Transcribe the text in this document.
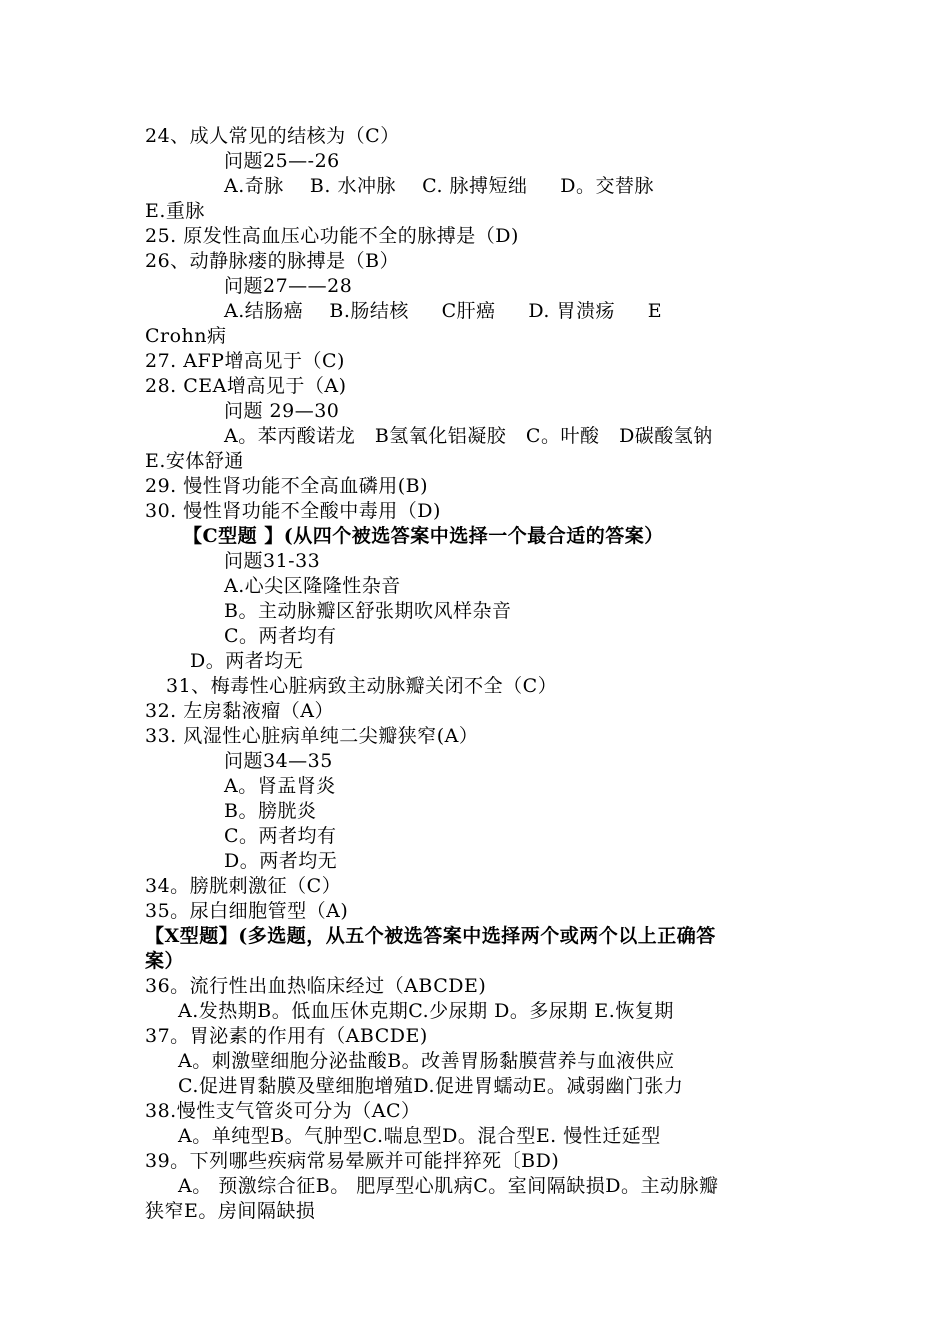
24、成人常见的结核为（C）
问题25—-26
A.奇脉    B. 水冲脉    C. 脉搏短绌     D。交替脉
E.重脉
25. 原发性高血压心功能不全的脉搏是（D)
26、动静脉瘘的脉搏是（B）
问题27——28
A.结肠癌    B.肠结核     C肝癌     D. 胃溃疡     E
Crohn病
27. AFP增高见于（C)
28. CEA增高见于（A)
问题 29—30
A。苯丙酸诺龙   B氢氧化铝凝胶   C。叶酸   D碳酸氢钠
E.安体舒通
29. 慢性肾功能不全高血磷用(B)
30. 慢性肾功能不全酸中毒用（D)
【C型题 】(从四个被选答案中选择一个最合适的答案）
问题31-33
A.心尖区隆隆性杂音
B。主动脉瓣区舒张期吹风样杂音
C。两者均有
D。两者均无
31、梅毒性心脏病致主动脉瓣关闭不全（C）
32. 左房黏液瘤（A）
33. 风湿性心脏病单纯二尖瓣狭窄(A）
问题34—35
A。肾盂肾炎
B。膀胱炎
C。两者均有
D。两者均无
34。膀胱刺激征（C）
35。尿白细胞管型（A)
【X型题】(多选题，从五个被选答案中选择两个或两个以上正确答
案）
36。流行性出血热临床经过（ABCDE)
A.发热期B。低血压休克期C.少尿期 D。多尿期 E.恢复期
37。胃泌素的作用有（ABCDE)
A。刺激壁细胞分泌盐酸B。改善胃肠黏膜营养与血液供应
C.促进胃黏膜及壁细胞增殖D.促进胃蠕动E。减弱幽门张力
38.慢性支气管炎可分为（AC）
A。单纯型B。气肿型C.喘息型D。混合型E. 慢性迁延型
39。下列哪些疾病常易晕厥并可能拌猝死〔BD)
A。 预激综合征B。 肥厚型心肌病C。室间隔缺损D。主动脉瓣
狭窄E。房间隔缺损
